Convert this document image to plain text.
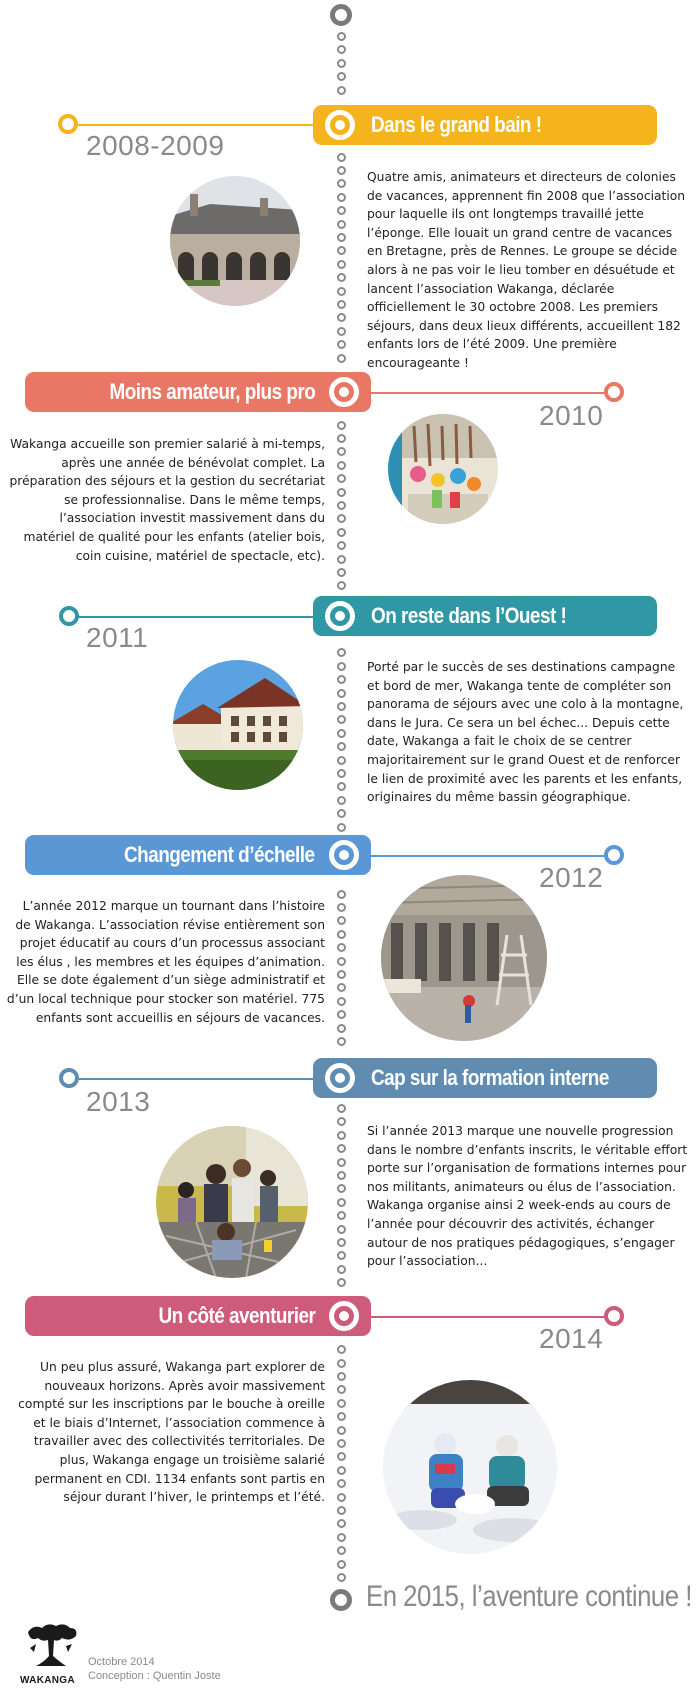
Dans le grand bain !
2008-2009
Quatre amis, animateurs et directeurs de colonies de vacances, apprennent fin 2008 que l’association pour laquelle ils ont longtemps travaillé jette l’éponge. Elle louait un grand centre de vacances en Bretagne, près de Rennes. Le groupe se décide alors à ne pas voir le lieu tomber en désuétude et lancent l’association Wakanga, déclarée officiellement le 30 octobre 2008. Les premiers séjours, dans deux lieux différents, accueillent 182 enfants lors de l’été 2009. Une première encourageante !
Moins amateur, plus pro
2010
Wakanga accueille son premier salarié à mi-temps, après une année de bénévolat complet. La préparation des séjours et la gestion du secrétariat se professionnalise. Dans le même temps, l’association investit massivement dans du matériel de qualité pour les enfants (atelier bois, coin cuisine, matériel de spectacle, etc).
On reste dans l’Ouest !
2011
Porté par le succès de ses destinations campagne et bord de mer, Wakanga tente de compléter son panorama de séjours avec une colo à la montagne, dans le Jura. Ce sera un bel échec... Depuis cette date, Wakanga a fait le choix de se centrer majoritairement sur le grand Ouest et de renforcer le lien de proximité avec les parents et les enfants, originaires du même bassin géographique.
Changement d’échelle
2012
L’année 2012 marque un tournant dans l’histoire de Wakanga. L’association révise entièrement son projet éducatif au cours d’un processus associant les élus , les membres et les équipes d’animation. Elle se dote également d’un siège administratif et d’un local technique pour stocker son matériel. 775 enfants sont accueillis en séjours de vacances.
Cap sur la formation interne
2013
Si l’année 2013 marque une nouvelle progression dans le nombre d’enfants inscrits, le véritable effort porte sur l’organisation de formations internes pour nos militants, animateurs ou élus de l’association. Wakanga organise ainsi 2 week-ends au cours de l’année pour découvrir des activités, échanger autour de nos pratiques pédagogiques, s’engager pour l’association...
Un côté aventurier
2014
Un peu plus assuré, Wakanga part explorer de nouveaux horizons. Après avoir massivement compté sur les inscriptions par le bouche à oreille et le biais d’Internet, l’association commence à travailler avec des collectivités territoriales. De plus, Wakanga engage un troisième salarié permanent en CDI. 1134 enfants sont partis en séjour durant l’hiver, le printemps et l’été.
En 2015, l’aventure continue !
WAKANGA
Octobre 2014
Conception : Quentin Joste
